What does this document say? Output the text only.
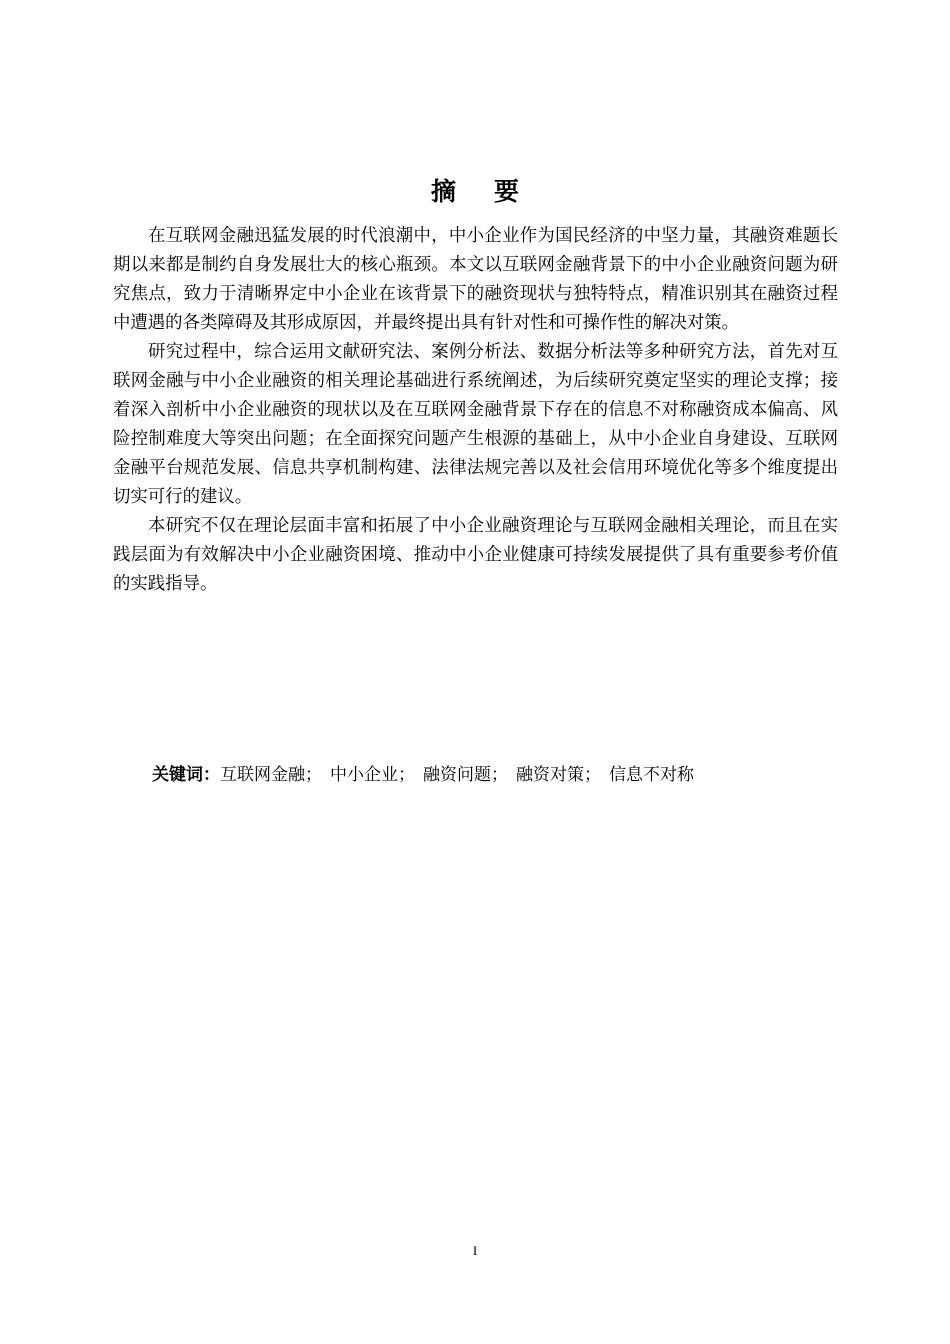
摘要

在互联网金融迅猛发展的时代浪潮中，中小企业作为国民经济的中坚力量，其融资难题长期以来都是制约自身发展壮大的核心瓶颈。本文以互联网金融背景下的中小企业融资问题为研究焦点，致力于清晰界定中小企业在该背景下的融资现状与独特特点，精准识别其在融资过程中遭遇的各类障碍及其形成原因，并最终提出具有针对性和可操作性的解决对策。

研究过程中，综合运用文献研究法、案例分析法、数据分析法等多种研究方法，首先对互联网金融与中小企业融资的相关理论基础进行系统阐述，为后续研究奠定坚实的理论支撑；接着深入剖析中小企业融资的现状以及在互联网金融背景下存在的信息不对称融资成本偏高、风险控制难度大等突出问题；在全面探究问题产生根源的基础上，从中小企业自身建设、互联网金融平台规范发展、信息共享机制构建、法律法规完善以及社会信用环境优化等多个维度提出切实可行的建议。

本研究不仅在理论层面丰富和拓展了中小企业融资理论与互联网金融相关理论，而且在实践层面为有效解决中小企业融资困境、推动中小企业健康可持续发展提供了具有重要参考价值的实践指导。

关键词：互联网金融； 中小企业； 融资问题； 融资对策； 信息不对称
I
